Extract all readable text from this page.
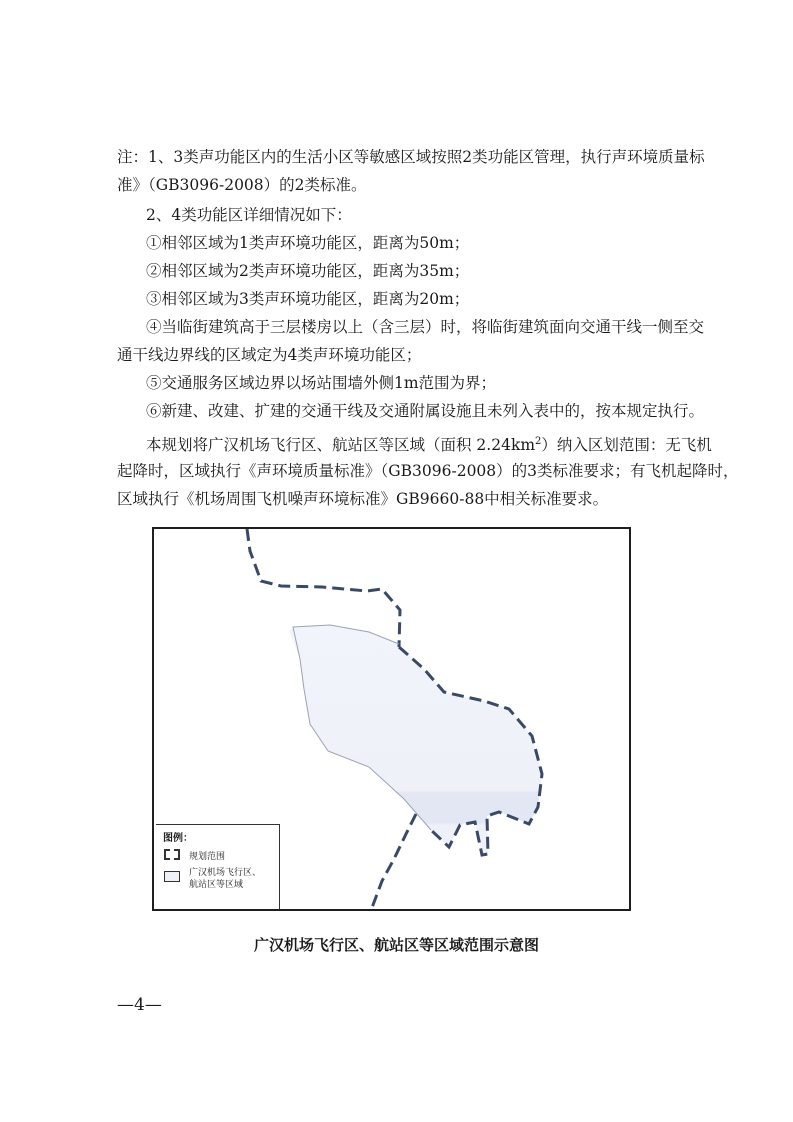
注：1、3类声功能区内的生活小区等敏感区域按照2类功能区管理，执行声环境质量标
准》（GB3096-2008）的2类标准。
2、4类功能区详细情况如下：
①相邻区域为1类声环境功能区，距离为50m；
②相邻区域为2类声环境功能区，距离为35m；
③相邻区域为3类声环境功能区，距离为20m；
④当临街建筑高于三层楼房以上（含三层）时，将临街建筑面向交通干线一侧至交
通干线边界线的区域定为4类声环境功能区；
⑤交通服务区域边界以场站围墙外侧1m范围为界；
⑥新建、改建、扩建的交通干线及交通附属设施且未列入表中的，按本规定执行。
本规划将广汉机场飞行区、航站区等区域（面积 $2.24km^2$）纳入区划范围：无飞机
起降时，区域执行《声环境质量标准》（GB3096-2008）的3类标准要求；有飞机起降时，
区域执行《机场周围飞机噪声环境标准》GB9660-88中相关标准要求。
图例：
规划范围
广汉机场飞行区、
航站区等区域
广汉机场飞行区、航站区等区域范围示意图
—4—
